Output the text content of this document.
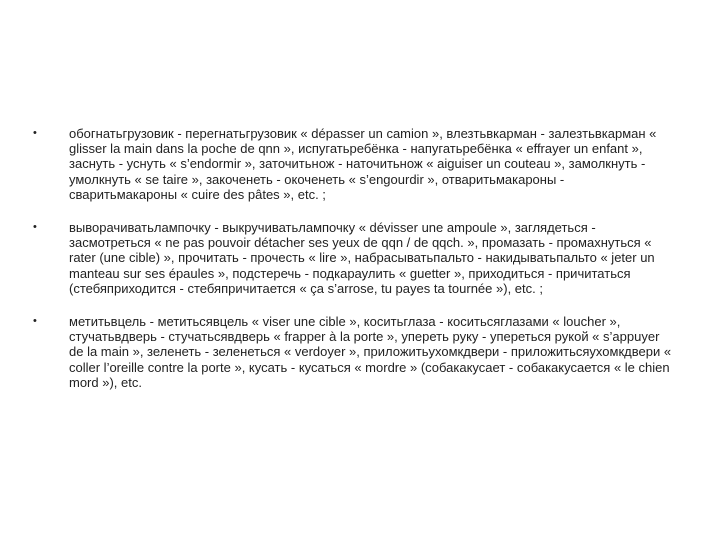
• обогнатьгрузовик - перегнатьгрузовик « dépasser un camion », влезтьвкарман - залезтьвкарман « glisser la main dans la poche de qnn », испугатьребёнка - напугатьребёнка « effrayer un enfant », заснуть - уснуть « s’endormir », заточитьнож - наточитьнож « aiguiser un couteau », замолкнуть - умолкнуть « se taire », закоченеть - окоченеть « s’engourdir », отваритьмакароны - сваритьмакароны « cuire des pâtes », etc. ;
• выворачиватьлампочку - выкручиватьлампочку « dévisser une ampoule », заглядеться - засмотреться « ne pas pouvoir détacher ses yeux de qqn / de qqch. », промазать - промахнуться « rater (une cible) », прочитать - прочесть « lire », набрасыватьпальто - накидыватьпальто « jeter un manteau sur ses épaules », подстеречь - подкараулить « guetter », приходиться - причитаться (стебяприходится - стебяпричитается « ça s’arrose, tu payes ta tournée »), etc. ;
• метитьвцель - метитьсявцель « viser une cible », коситьглаза - коситьсяглазами « loucher », стучатьвдверь - стучатьсявдверь « frapper à la porte », упереть руку - упереться рукой « s’appuyer de la main », зеленеть - зеленеться « verdoyer », приложитьухомкдвери - приложитьсяухомкдвери « coller l’oreille contre la porte », кусать - кусаться « mordre » (собакакусает - собакакусается « le chien mord »), etc.
